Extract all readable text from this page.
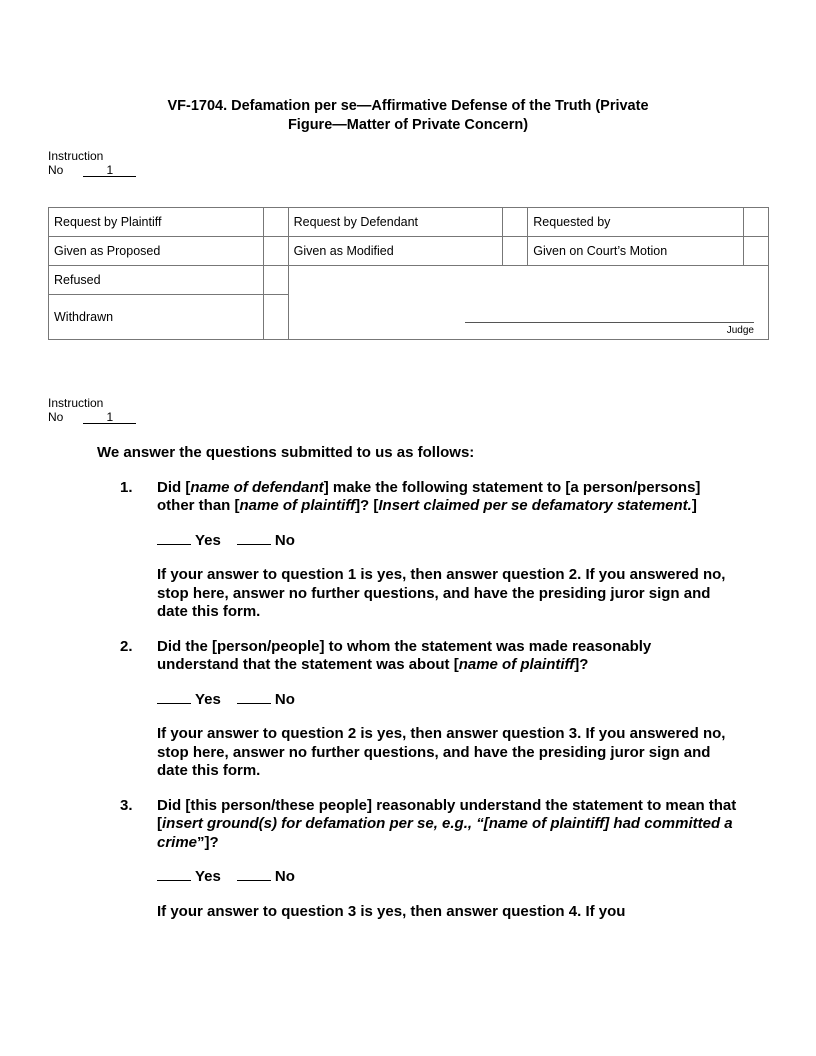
VF-1704. Defamation per se—Affirmative Defense of the Truth (Private
Figure—Matter of Private Concern)
Instruction
No	1
Request by Plaintiff		Request by Defendant		Requested by	
Given as Proposed		Given as Modified		Given on Court’s Motion	
Refused		Judge			

Withdrawn					
Instruction
No	1

We answer the questions submitted to us as follows:

1.	Did [name of defendant] make the following statement to [a person/persons] other than [name of plaintiff]? [Insert claimed per se defamatory statement.]
Yes	No

If your answer to question 1 is yes, then answer question 2. If you answered no, stop here, answer no further questions, and have the presiding juror sign and date this form.

2.	Did the [person/people] to whom the statement was made reasonably understand that the statement was about [name of plaintiff]?
Yes	No

If your answer to question 2 is yes, then answer question 3. If you answered no, stop here, answer no further questions, and have the presiding juror sign and date this form.

3.	Did [this person/these people] reasonably understand the statement to mean that [insert ground(s) for defamation per se, e.g., “[name of plaintiff] had committed a crime”]?
Yes	No

If your answer to question 3 is yes, then answer question 4. If you
